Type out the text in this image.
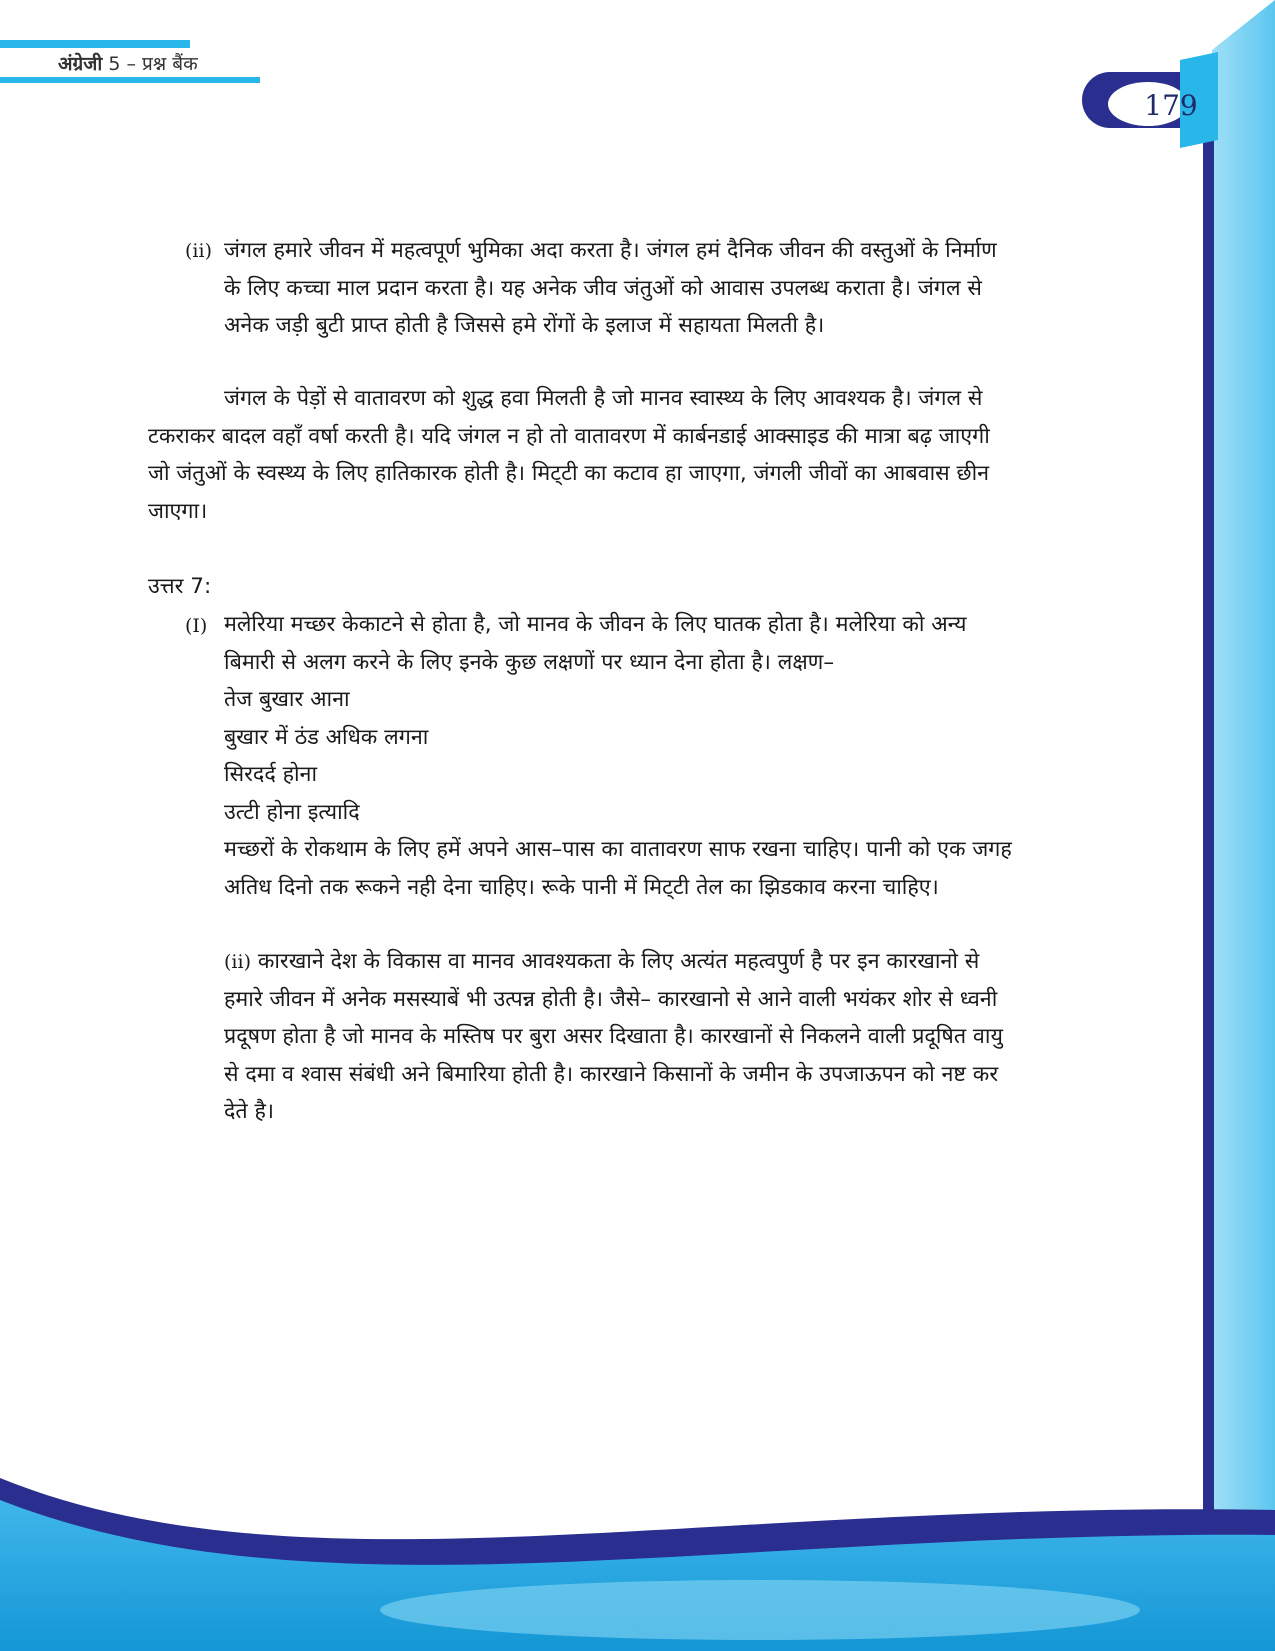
अंग्रेजी 5 – प्रश्न बैंक
179
(ii) जंगल हमारे जीवन में महत्वपूर्ण भुमिका अदा करता है। जंगल हमं दैनिक जीवन की वस्तुओं के निर्माण
के लिए कच्चा माल प्रदान करता है। यह अनेक जीव जंतुओं को आवास उपलब्ध कराता है। जंगल से
अनेक जड़ी बुटी प्राप्त होती है जिससे हमे रोंगों के इलाज में सहायता मिलती है।
जंगल के पेड़ों से वातावरण को शुद्ध हवा मिलती है जो मानव स्वास्थ्य के लिए आवश्यक है। जंगल से
टकराकर बादल वहाँ वर्षा करती है। यदि जंगल न हो तो वातावरण में कार्बनडाई आक्साइड की मात्रा बढ़ जाएगी
जो जंतुओं के स्वस्थ्य के लिए हातिकारक होती है। मिट्‌टी का कटाव हा जाएगा, जंगली जीवों का आबवास छीन
जाएगा।
उत्तर 7:
(I) मलेरिया मच्छर केकाटने से होता है, जो मानव के जीवन के लिए घातक होता है। मलेरिया को अन्य
बिमारी से अलग करने के लिए इनके कुछ लक्षणों पर ध्यान देना होता है। लक्षण–
तेज बुखार आना
बुखार में ठंड अधिक लगना
सिरदर्द होना
उत्टी होना इत्यादि
मच्छरों के रोकथाम के लिए हमें अपने आस–पास का वातावरण साफ रखना चाहिए। पानी को एक जगह
अतिध दिनो तक रूकने नही देना चाहिए। रूके पानी में मिट्‌टी तेल का झिडकाव करना चाहिए।
(ii) कारखाने देश के विकास वा मानव आवश्यकता के लिए अत्यंत महत्वपुर्ण है पर इन कारखानो से
हमारे जीवन में अनेक मसस्याबें भी उत्पन्न होती है। जैसे– कारखानो से आने वाली भयंकर शोर से ध्वनी
प्रदूषण होता है जो मानव के मस्तिष पर बुरा असर दिखाता है। कारखानों से निकलने वाली प्रदूषित वायु
से दमा व श्वास संबंधी अने बिमारिया होती है। कारखाने किसानों के जमीन के उपजाऊपन को नष्ट कर
देते है।
